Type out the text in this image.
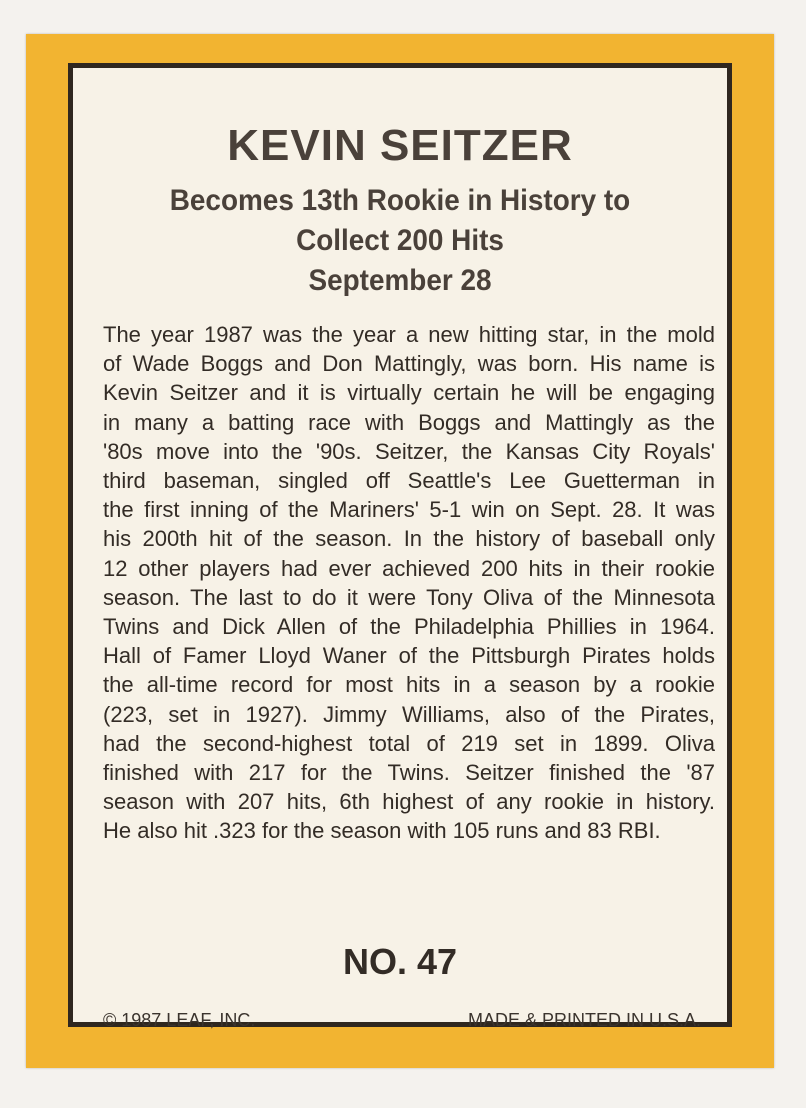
KEVIN SEITZER
Becomes 13th Rookie in History to
Collect 200 Hits
September 28

The year 1987 was the year a new hitting star, in the mold
of Wade Boggs and Don Mattingly, was born. His name is
Kevin Seitzer and it is virtually certain he will be engaging
in many a batting race with Boggs and Mattingly as the
'80s move into the '90s. Seitzer, the Kansas City Royals'
third baseman, singled off Seattle's Lee Guetterman in
the first inning of the Mariners' 5-1 win on Sept. 28. It was
his 200th hit of the season. In the history of baseball only
12 other players had ever achieved 200 hits in their rookie
season. The last to do it were Tony Oliva of the Minnesota
Twins and Dick Allen of the Philadelphia Phillies in 1964.
Hall of Famer Lloyd Waner of the Pittsburgh Pirates holds
the all-time record for most hits in a season by a rookie
(223, set in 1927). Jimmy Williams, also of the Pirates,
had the second-highest total of 219 set in 1899. Oliva
finished with 217 for the Twins. Seitzer finished the '87
season with 207 hits, 6th highest of any rookie in history.
He also hit .323 for the season with 105 runs and 83 RBI.

NO. 47
© 1987 LEAF, INC.	MADE & PRINTED IN U.S.A.
